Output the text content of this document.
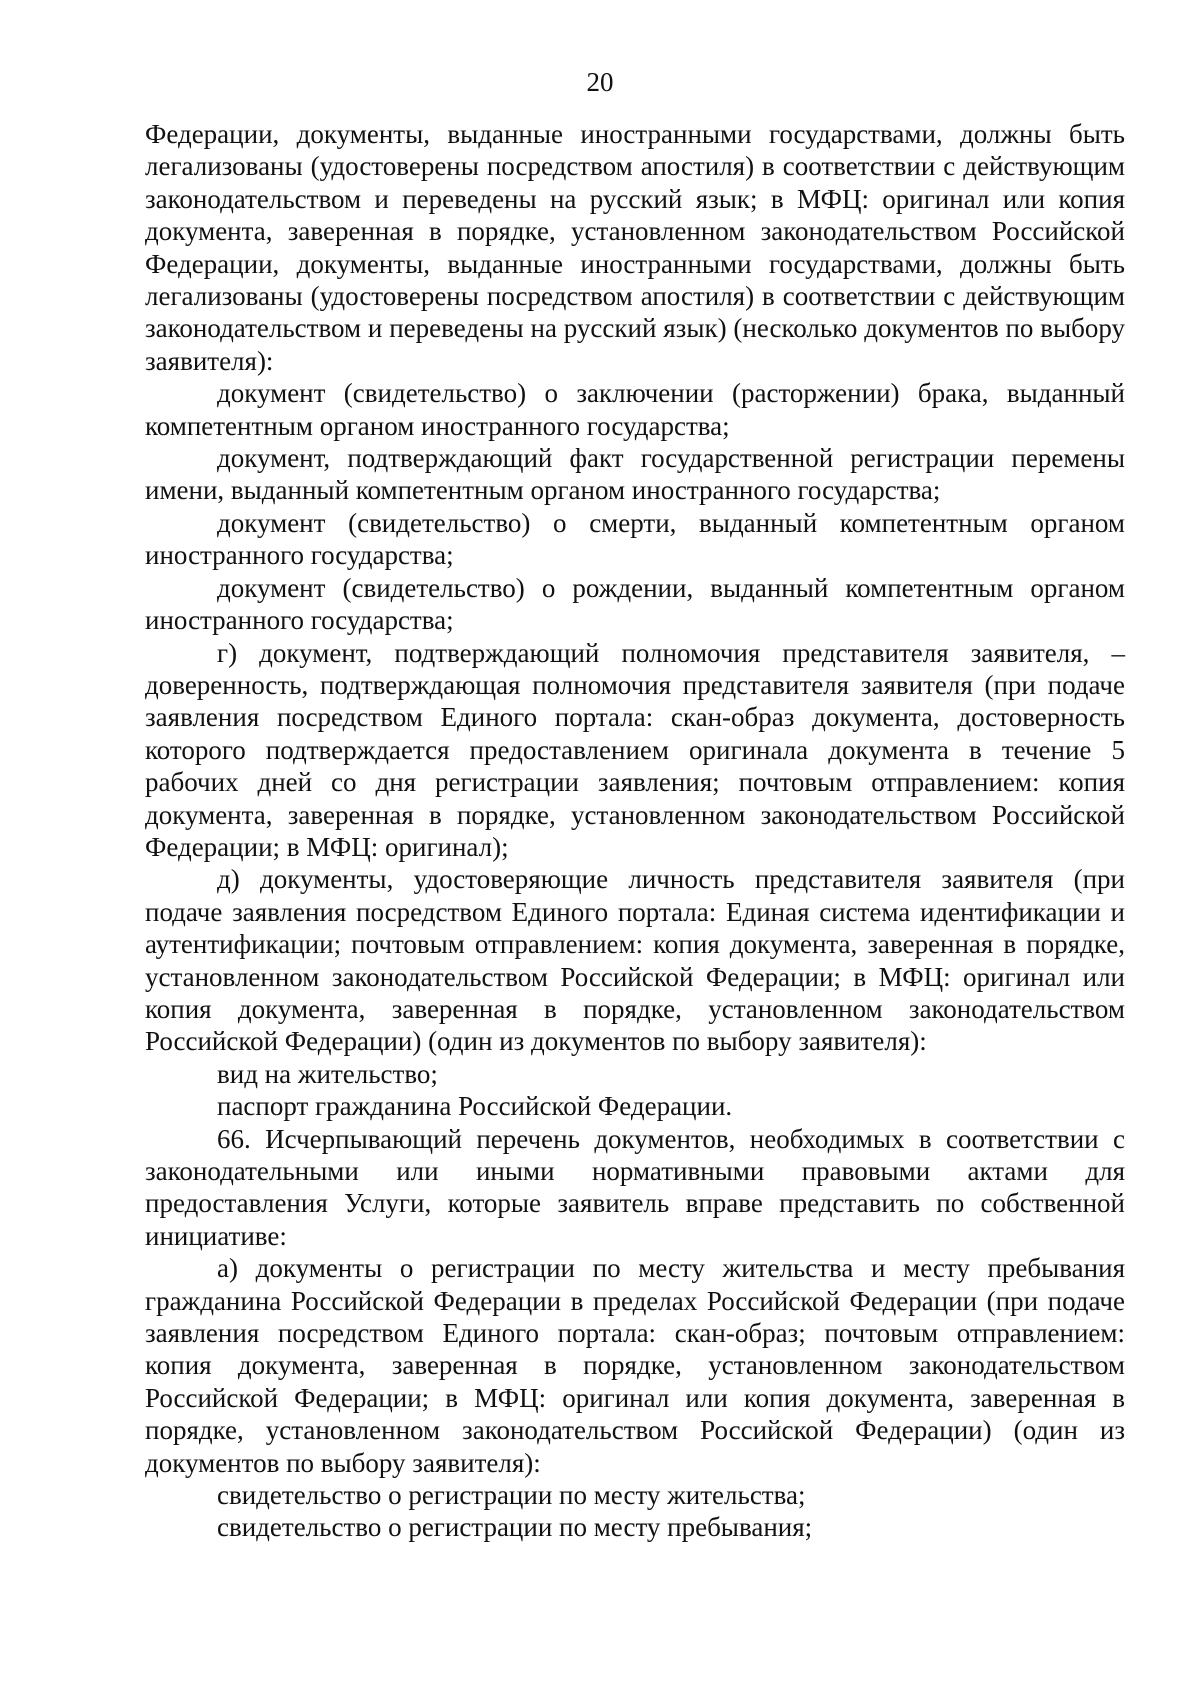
20

Федерации, документы, выданные иностранными государствами, должны быть легализованы (удостоверены посредством апостиля) в соответствии с действующим законодательством и переведены на русский язык; в МФЦ: оригинал или копия документа, заверенная в порядке, установленном законодательством Российской Федерации, документы, выданные иностранными государствами, должны быть легализованы (удостоверены посредством апостиля) в соответствии с действующим законодательством и переведены на русский язык) (несколько документов по выбору заявителя):

документ (свидетельство) о заключении (расторжении) брака, выданный компетентным органом иностранного государства;

документ, подтверждающий факт государственной регистрации перемены имени, выданный компетентным органом иностранного государства;

документ (свидетельство) о смерти, выданный компетентным органом иностранного государства;

документ (свидетельство) о рождении, выданный компетентным органом иностранного государства;

г) документ, подтверждающий полномочия представителя заявителя, – доверенность, подтверждающая полномочия представителя заявителя (при подаче заявления посредством Единого портала: скан-образ документа, достоверность которого подтверждается предоставлением оригинала документа в течение 5 рабочих дней со дня регистрации заявления; почтовым отправлением: копия документа, заверенная в порядке, установленном законодательством Российской Федерации; в МФЦ: оригинал);

д) документы, удостоверяющие личность представителя заявителя (при подаче заявления посредством Единого портала: Единая система идентификации и аутентификации; почтовым отправлением: копия документа, заверенная в порядке, установленном законодательством Российской Федерации; в МФЦ: оригинал или копия документа, заверенная в порядке, установленном законодательством Российской Федерации) (один из документов по выбору заявителя):

вид на жительство;

паспорт гражданина Российской Федерации.

66. Исчерпывающий перечень документов, необходимых в соответствии с законодательными или иными нормативными правовыми актами для предоставления Услуги, которые заявитель вправе представить по собственной инициативе:

а) документы о регистрации по месту жительства и месту пребывания гражданина Российской Федерации в пределах Российской Федерации (при подаче заявления посредством Единого портала: скан-образ; почтовым отправлением: копия документа, заверенная в порядке, установленном законодательством Российской Федерации; в МФЦ: оригинал или копия документа, заверенная в порядке, установленном законодательством Российской Федерации) (один из документов по выбору заявителя):

свидетельство о регистрации по месту жительства;

свидетельство о регистрации по месту пребывания;
